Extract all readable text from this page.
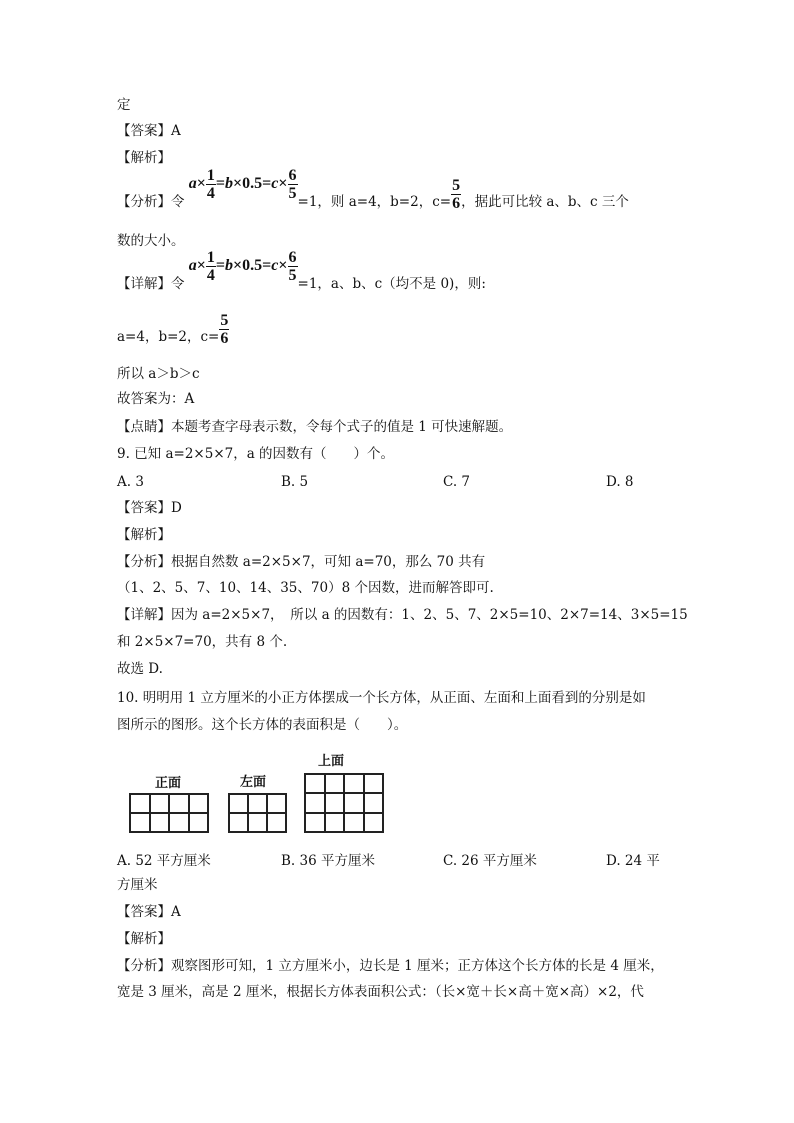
定
【答案】A
【解析】
【分析】令 $a\times \frac{1}{4} =b\times 0.5=c\times \frac{6}{5} =1$，则 a=4，b=2，$c= \frac{5}{6}$ ，据此可比较 a、b、c 三个
数的大小。
【详解】令 $a\times \frac{1}{4} =b\times 0.5=c\times \frac{6}{5} =1$，a、b、c（均不是 0)，则:
a=4，b=2，$c= \frac{5}{6}$
所以 a＞b＞c
故答案为：A
【点睛】本题考查字母表示数，令每个式子的值是 1 可快速解题。
9. 已知 a=2×5×7，a 的因数有（　　）个。
A. 3	B. 5	C. 7	D. 8
【答案】D
【解析】
【分析】根据自然数 a=2×5×7，可知 a=70，那么 70 共有
（1、2、5、7、10、14、35、70）8 个因数，进而解答即可.
【详解】因为 a=2×5×7，　所以 a 的因数有：1、2、5、7、2×5=10、2×7=14、3×5=15
和 2×5×7=70，共有 8 个.
故选 D.
10. 明明用 1 立方厘米的小正方体摆成一个长方体，从正面、左面和上面看到的分别是如
图所示的图形。这个长方体的表面积是（　　）。
正面	左面
上面
A. 52 平方厘米	B. 36 平方厘米	C. 26 平方厘米	D. 24 平
方厘米
【答案】A
【解析】
【分析】观察图形可知，1 立方厘米小，边长是 1 厘米；正方体这个长方体的长是 4 厘米，
宽是 3 厘米，高是 2 厘米，根据长方体表面积公式：（长×宽＋长×高＋宽×高）×2，代
